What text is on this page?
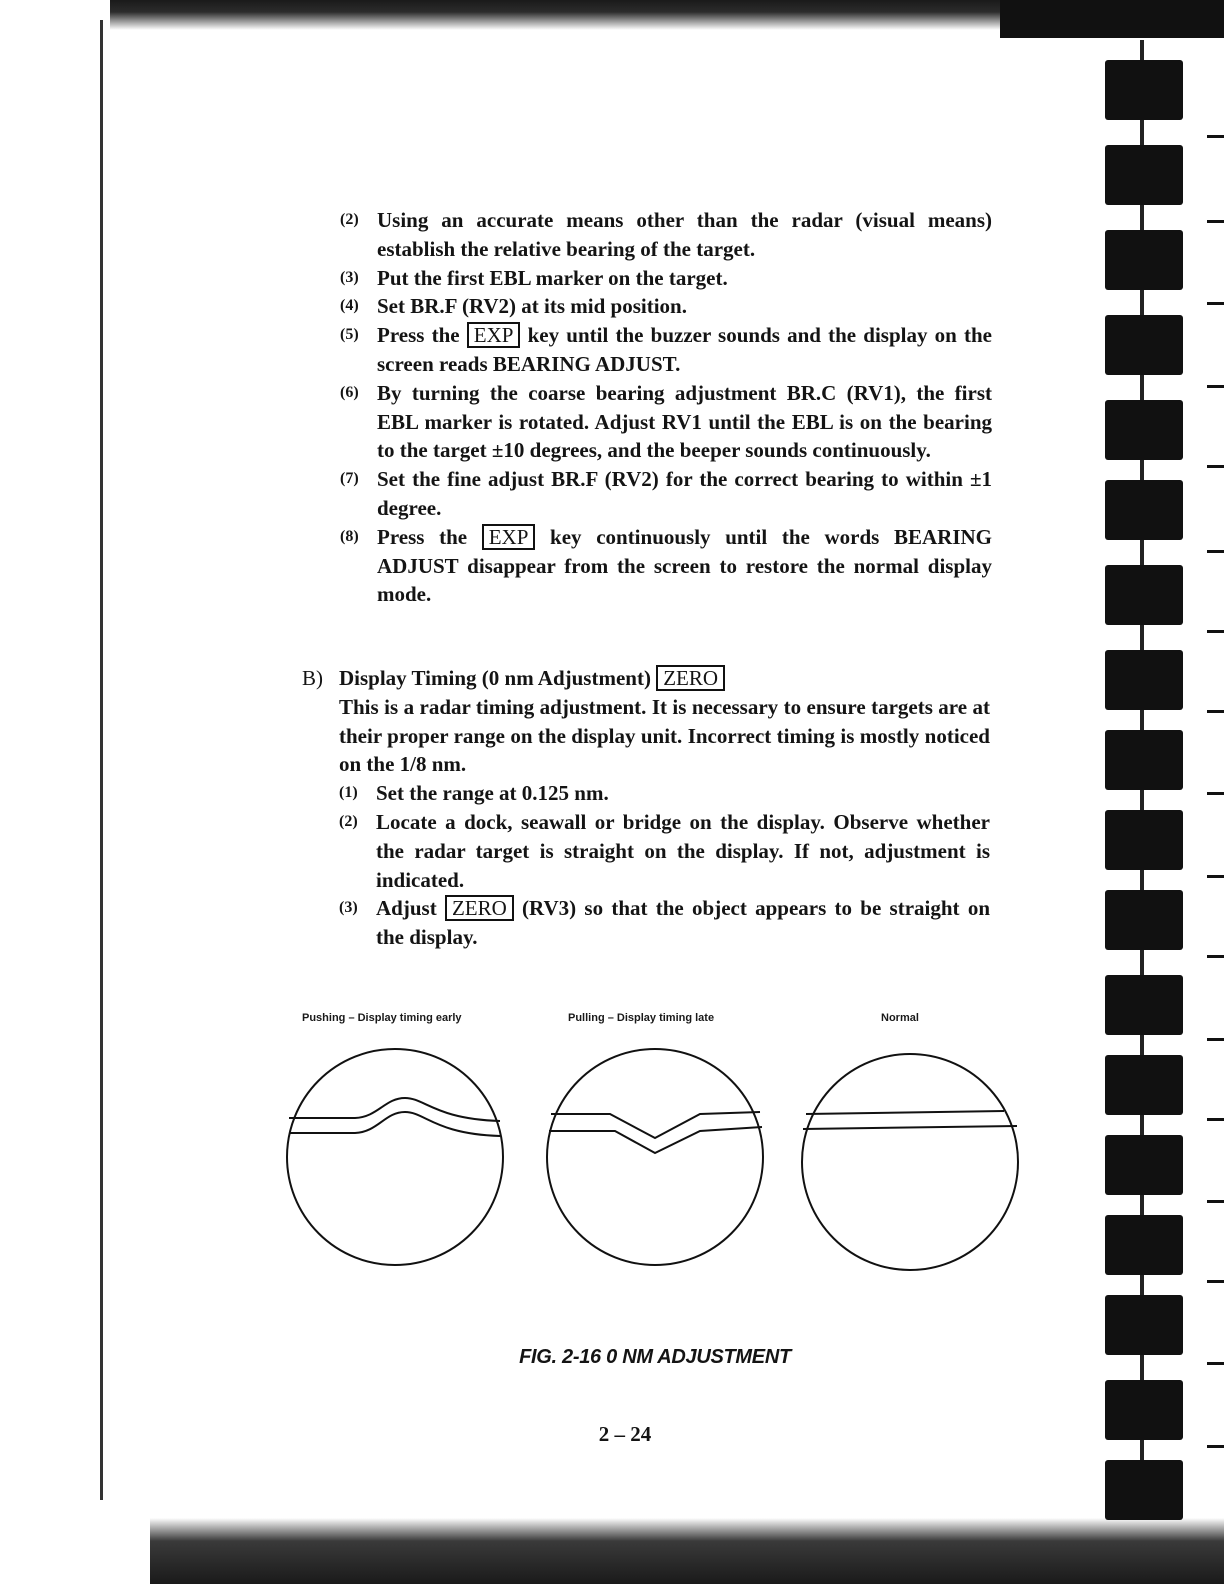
(2) Using an accurate means other than the radar (visual means) establish the relative bearing of the target.
(3) Put the first EBL marker on the target.
(4) Set BR.F (RV2) at its mid position.
(5) Press the EXP key until the buzzer sounds and the display on the screen reads BEARING ADJUST.
(6) By turning the coarse bearing adjustment BR.C (RV1), the first EBL marker is rotated. Adjust RV1 until the EBL is on the bearing to the target ±10 degrees, and the beeper sounds continuously.
(7) Set the fine adjust BR.F (RV2) for the correct bearing to within ±1 degree.
(8) Press the EXP key continuously until the words BEARING ADJUST disappear from the screen to restore the normal display mode.
B) Display Timing (0 nm Adjustment) ZERO
This is a radar timing adjustment. It is necessary to ensure targets are at their proper range on the display unit. Incorrect timing is mostly noticed on the 1/8 nm.
(1) Set the range at 0.125 nm.
(2) Locate a dock, seawall or bridge on the display. Observe whether the radar target is straight on the display. If not, adjustment is indicated.
(3) Adjust ZERO (RV3) so that the object appears to be straight on the display.
Pushing – Display timing early	Pulling – Display timing late	Normal
FIG. 2-16 0 NM ADJUSTMENT
2 – 24
